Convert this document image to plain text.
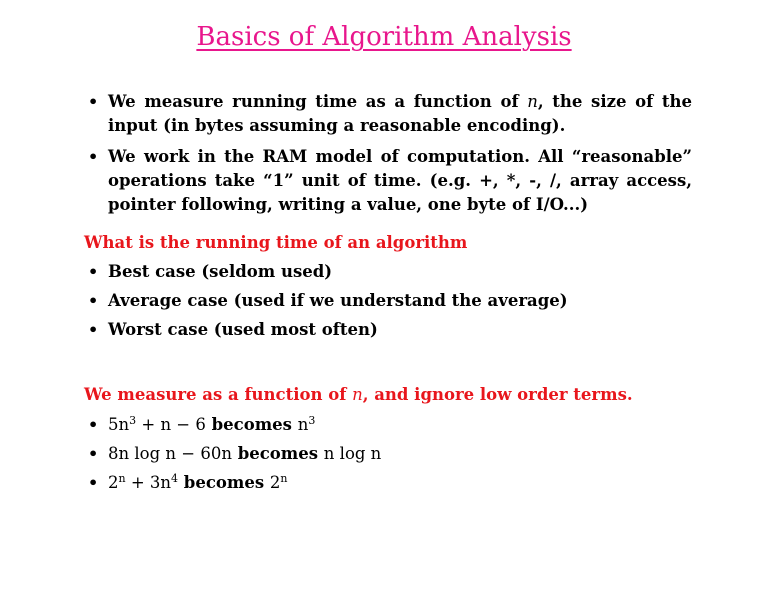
Basics of Algorithm Analysis
• We measure running time as a function of n, the size of the input (in bytes assuming a reasonable encoding).
• We work in the RAM model of computation. All “reasonable” operations take “1” unit of time. (e.g. +, *, -, /, array access, pointer following, writing a value, one byte of I/O...)
What is the running time of an algorithm
• Best case (seldom used)
• Average case (used if we understand the average)
• Worst case (used most often)
We measure as a function of n, and ignore low order terms.
• $5n^3 + n - 6$ becomes $n^3$
• 8n log n − 60n becomes n log n
• $2^n + 3n^4$ becomes 2$^n$
